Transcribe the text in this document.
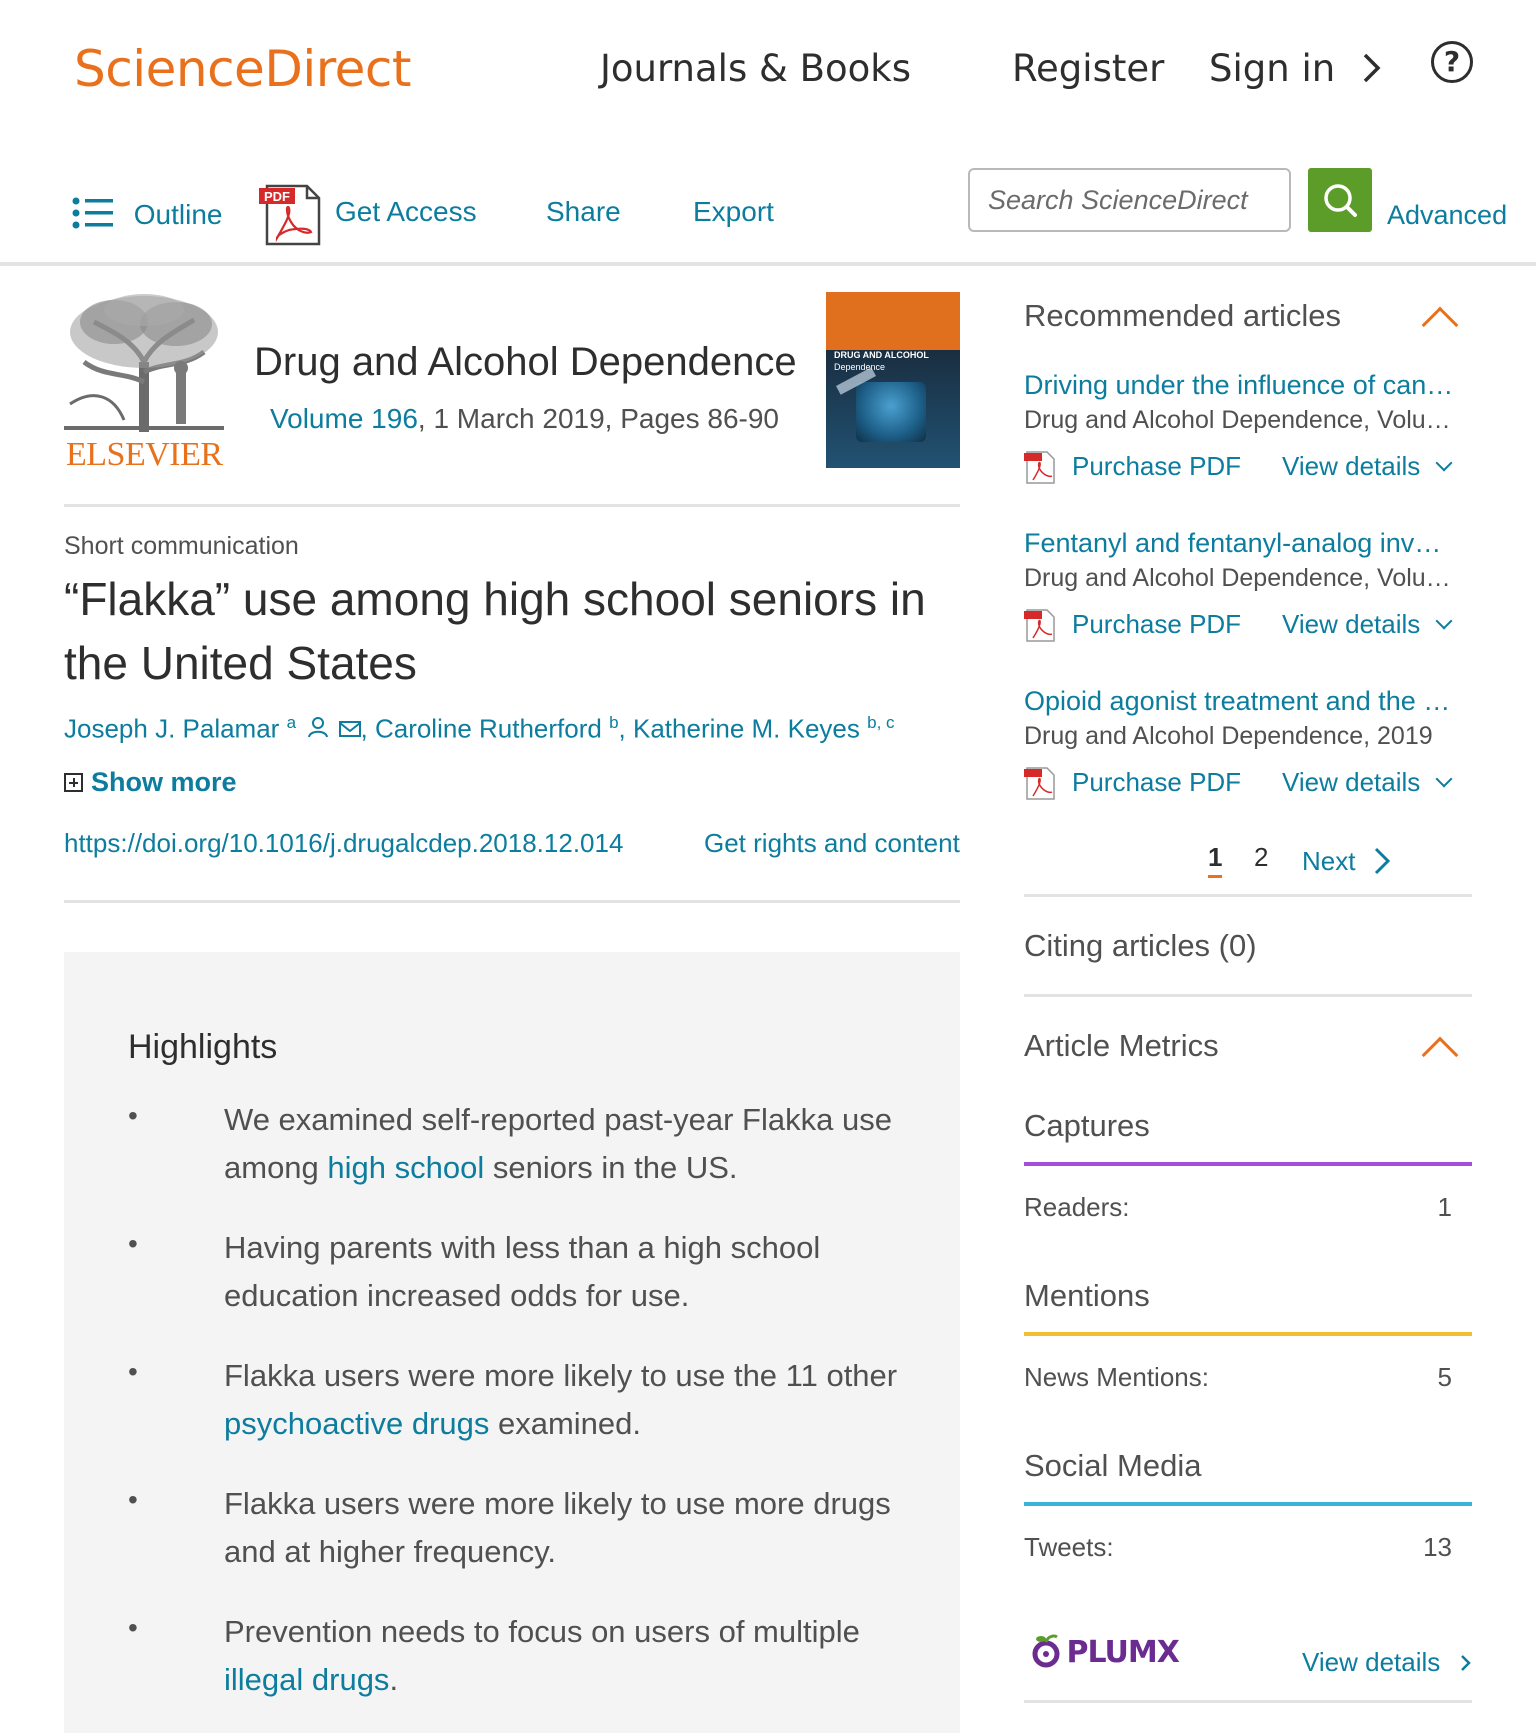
ScienceDirect	Journals & Books	Register Sign in	?
Outline
PDF Get Access Share	Export	Search ScienceDirect	Advanced
ELSEVIER
Drug and Alcohol Dependence
Volume 196, 1 March 2019, Pages 86-90
DRUG AND ALCOHOL
Dependence
Short communication
“Flakka” use among high school seniors in the United States
Joseph J. Palamar $^a$ , Caroline Rutherford $^b$, Katherine M. Keyes $^{b, c}$
Show more
https://doi.org/10.1016/j.drugalcdep.2018.12.014	Get rights and content
Highlights
•	We examined self-reported past-year Flakka use among high school seniors in the US.
•	Having parents with less than a high school education increased odds for use.
•	Flakka users were more likely to use the 11 other psychoactive drugs examined.
•	Flakka users were more likely to use more drugs and at higher frequency.
•	Prevention needs to focus on users of multiple illegal drugs.
Recommended articles
Driving under the influence of can…
Drug and Alcohol Dependence, Volu…
Purchase PDF View details
Fentanyl and fentanyl-analog inv…
Drug and Alcohol Dependence, Volu…
Purchase PDF View details
Opioid agonist treatment and the …
Drug and Alcohol Dependence, 2019
Purchase PDF View details
1 2 Next
Citing articles (0)
Article Metrics
Captures
Readers:	1
Mentions
News Mentions:	5
Social Media
Tweets:	13
PLUMX	View details
